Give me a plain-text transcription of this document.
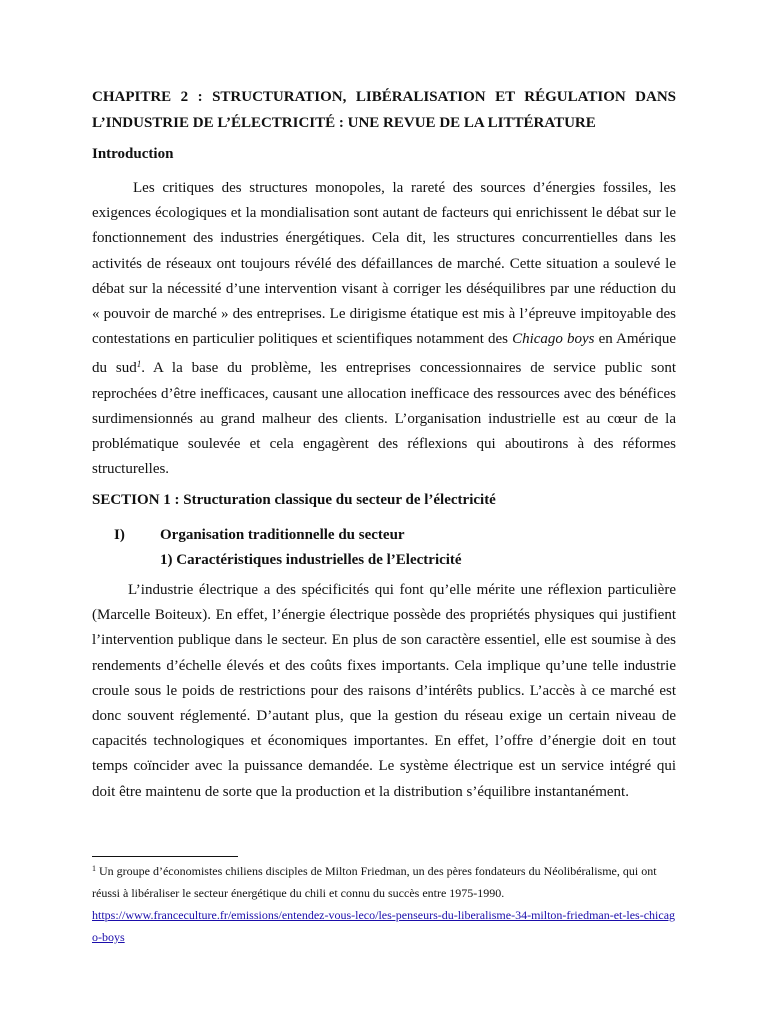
CHAPITRE 2 : STRUCTURATION, LIBÉRALISATION ET RÉGULATION DANS L’INDUSTRIE DE L’ÉLECTRICITÉ : UNE REVUE DE LA LITTÉRATURE
Introduction

Les critiques des structures monopoles, la rareté des sources d’énergies fossiles, les exigences écologiques et la mondialisation sont autant de facteurs qui enrichissent le débat sur le fonctionnement des industries énergétiques. Cela dit, les structures concurrentielles dans les activités de réseaux ont toujours révélé des défaillances de marché. Cette situation a soulevé le débat sur la nécessité d’une intervention visant à corriger les déséquilibres par une réduction du « pouvoir de marché » des entreprises. Le dirigisme étatique est mis à l’épreuve impitoyable des contestations en particulier politiques et scientifiques notamment des Chicago boys en Amérique du sud$^1$. A la base du problème, les entreprises concessionnaires de service public sont reprochées d’être inefficaces, causant une allocation inefficace des ressources avec des bénéfices surdimensionnés au grand malheur des clients. L’organisation industrielle est au cœur de la problématique soulevée et cela engagèrent des réflexions qui aboutirons à des réformes structurelles.

SECTION 1 : Structuration classique du secteur de l’électricité
I) Organisation traditionnelle du secteur
1) Caractéristiques industrielles de l’Electricité

L’industrie électrique a des spécificités qui font qu’elle mérite une réflexion particulière (Marcelle Boiteux). En effet, l’énergie électrique possède des propriétés physiques qui justifient l’intervention publique dans le secteur. En plus de son caractère essentiel, elle est soumise à des rendements d’échelle élevés et des coûts fixes importants. Cela implique qu’une telle industrie croule sous le poids de restrictions pour des raisons d’intérêts publics. L’accès à ce marché est donc souvent réglementé. D’autant plus, que la gestion du réseau exige un certain niveau de capacités technologiques et économiques importantes. En effet, l’offre d’énergie doit en tout temps coïncider avec la puissance demandée. Le système électrique est un service intégré qui doit être maintenu de sorte que la production et la distribution s’équilibre instantanément.

$^1$ Un groupe d’économistes chiliens disciples de Milton Friedman, un des pères fondateurs du Néolibéralisme, qui ont réussi à libéraliser le secteur énergétique du chili et connu du succès entre 1975-1990.
https://www.franceculture.fr/emissions/entendez-vous-leco/les-penseurs-du-liberalisme-34-milton-friedman-et-les-chicago-boys
